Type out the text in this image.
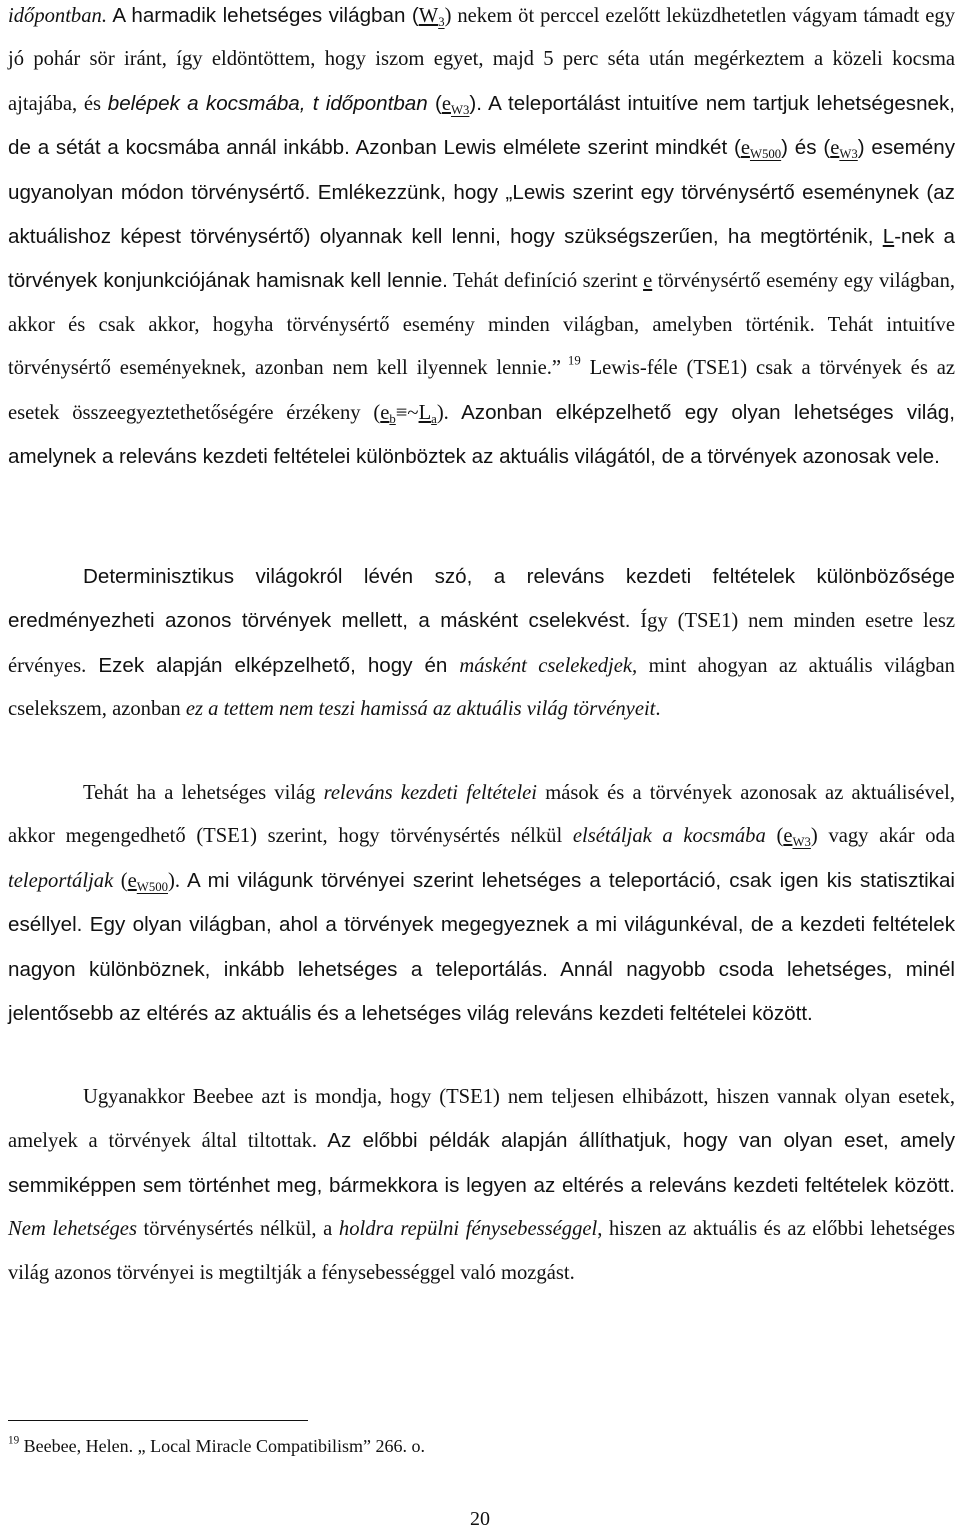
időpontban. A harmadik lehetséges világban $(W_3)$ nekem öt perccel ezelőtt leküzdhetetlen vágyam támadt egy jó pohár sör iránt, így eldöntöttem, hogy iszom egyet, majd 5 perc séta után megérkeztem a közeli kocsma ajtajába, és belépek a kocsmába, t időpontban $(e_{W3})$. A teleportálást intuitíve nem tartjuk lehetségesnek, de a sétát a kocsmába annál inkább. Azonban Lewis elmélete szerint mindkét $(e_{W500})$ és $(e_{W3})$ esemény ugyanolyan módon törvénysértő. Emlékezzünk, hogy „Lewis szerint egy törvénysértő eseménynek (az aktuálishoz képest törvénysértő) olyannak kell lenni, hogy szükségszerűen, ha megtörténik, L-nek a törvények konjunkciójának hamisnak kell lennie. Tehát definíció szerint e törvénysértő esemény egy világban, akkor és csak akkor, hogyha törvénysértő esemény minden világban, amelyben történik. Tehát intuitíve törvénysértő eseményeknek, azonban nem kell ilyennek lennie.” $^{19}$ Lewis-féle (TSE1) csak a törvények és az esetek összeegyeztethetőségére érzékeny $(e_b\equiv\sim L_a)$. Azonban elképzelhető egy olyan lehetséges világ, amelynek a releváns kezdeti feltételei különböztek az aktuális világától, de a törvények azonosak vele.
Determinisztikus világokról lévén szó, a releváns kezdeti feltételek különbözősége eredményezheti azonos törvények mellett, a másként cselekvést. Így (TSE1) nem minden esetre lesz érvényes. Ezek alapján elképzelhető, hogy én másként cselekedjek, mint ahogyan az aktuális világban cselekszem, azonban ez a tettem nem teszi hamissá az aktuális világ törvényeit.
Tehát ha a lehetséges világ releváns kezdeti feltételei mások és a törvények azonosak az aktuálisével, akkor megengedhető (TSE1) szerint, hogy törvénysértés nélkül elsétáljak a kocsmába $(e_{W3})$ vagy akár oda teleportáljak $(e_{W500})$. A mi világunk törvényei szerint lehetséges a teleportáció, csak igen kis statisztikai eséllyel. Egy olyan világban, ahol a törvények megegyeznek a mi világunkéval, de a kezdeti feltételek nagyon különböznek, inkább lehetséges a teleportálás. Annál nagyobb csoda lehetséges, minél jelentősebb az eltérés az aktuális és a lehetséges világ releváns kezdeti feltételei között.
Ugyanakkor Beebee azt is mondja, hogy (TSE1) nem teljesen elhibázott, hiszen vannak olyan esetek, amelyek a törvények által tiltottak. Az előbbi példák alapján állíthatjuk, hogy van olyan eset, amely semmiképpen sem történhet meg, bármekkora is legyen az eltérés a releváns kezdeti feltételek között. Nem lehetséges törvénysértés nélkül, a holdra repülni fénysebességgel, hiszen az aktuális és az előbbi lehetséges világ azonos törvényei is megtiltják a fénysebességgel való mozgást.
$^{19}$ Beebee, Helen. „ Local Miracle Compatibilism” 266. o.
20
